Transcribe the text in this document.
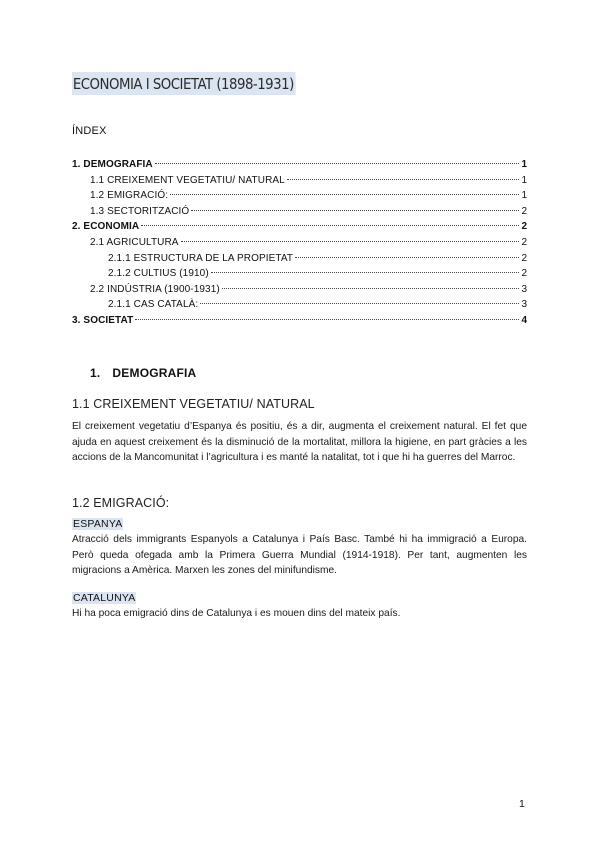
ECONOMIA I SOCIETAT (1898-1931)
ÍNDEX
1. DEMOGRAFIA	1
1.1 CREIXEMENT VEGETATIU/ NATURAL	1
1.2 EMIGRACIÓ:	1
1.3 SECTORITZACIÓ	2
2. ECONOMIA	2
2.1 AGRICULTURA	2
2.1.1 ESTRUCTURA DE LA PROPIETAT	2
2.1.2 CULTIUS (1910)	2
2.2 INDÚSTRIA (1900-1931)	3
2.1.1 CAS CATALÀ:	3
3. SOCIETAT	4
1. DEMOGRAFIA
1.1 CREIXEMENT VEGETATIU/ NATURAL
El creixement vegetatiu d’Espanya és positiu, és a dir, augmenta el creixement natural. El fet que ajuda en aquest creixement és la disminució de la mortalitat, millora la higiene, en part gràcies a les accions de la Mancomunitat i l’agricultura i es manté la natalitat, tot i que hi ha guerres del Marroc.
1.2 EMIGRACIÓ:
ESPANYA
Atracció dels immigrants Espanyols a Catalunya i País Basc. També hi ha immigració a Europa. Però queda ofegada amb la Primera Guerra Mundial (1914-1918). Per tant, augmenten les migracions a Amèrica. Marxen les zones del minifundisme.
CATALUNYA
Hi ha poca emigració dins de Catalunya i es mouen dins del mateix país.
1
